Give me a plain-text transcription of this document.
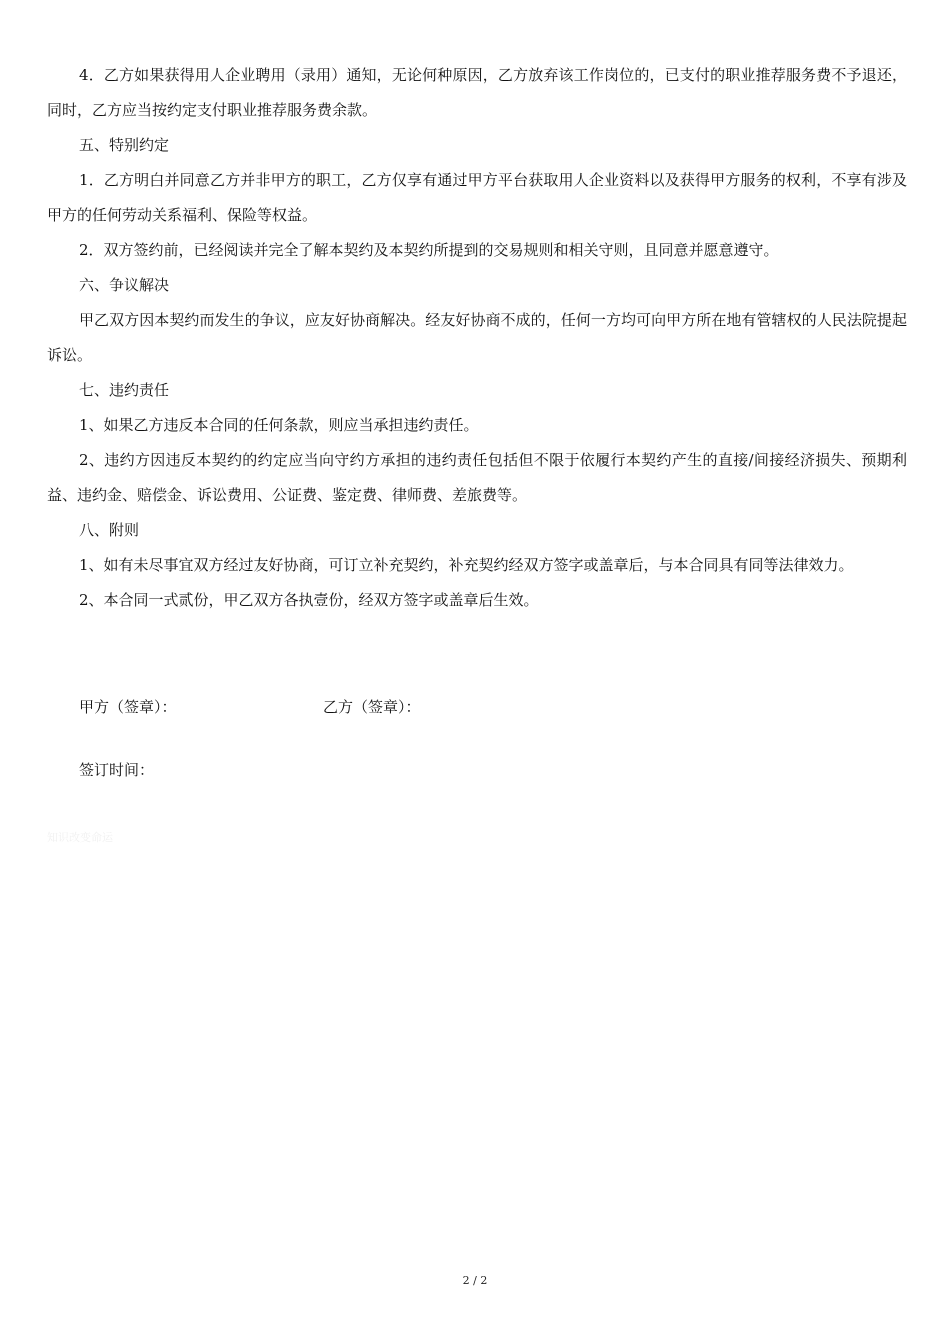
4．乙方如果获得用人企业聘用（录用）通知，无论何种原因，乙方放弃该工作岗位的，已支付的职业推荐服务费不予退还，同时，乙方应当按约定支付职业推荐服务费余款。

五、特别约定

1．乙方明白并同意乙方并非甲方的职工，乙方仅享有通过甲方平台获取用人企业资料以及获得甲方服务的权利，不享有涉及甲方的任何劳动关系福利、保险等权益。

2．双方签约前，已经阅读并完全了解本契约及本契约所提到的交易规则和相关守则，且同意并愿意遵守。

六、争议解决

甲乙双方因本契约而发生的争议，应友好协商解决。经友好协商不成的，任何一方均可向甲方所在地有管辖权的人民法院提起诉讼。

七、违约责任

1、如果乙方违反本合同的任何条款，则应当承担违约责任。

2、违约方因违反本契约的约定应当向守约方承担的违约责任包括但不限于依履行本契约产生的直接/间接经济损失、预期利益、违约金、赔偿金、诉讼费用、公证费、鉴定费、律师费、差旅费等。

八、附则

1、如有未尽事宜双方经过友好协商，可订立补充契约，补充契约经双方签字或盖章后，与本合同具有同等法律效力。

2、本合同一式贰份，甲乙双方各执壹份，经双方签字或盖章后生效。

甲方（签章）：	乙方（签章）：
签订时间：
知识改变命运
2 / 2
